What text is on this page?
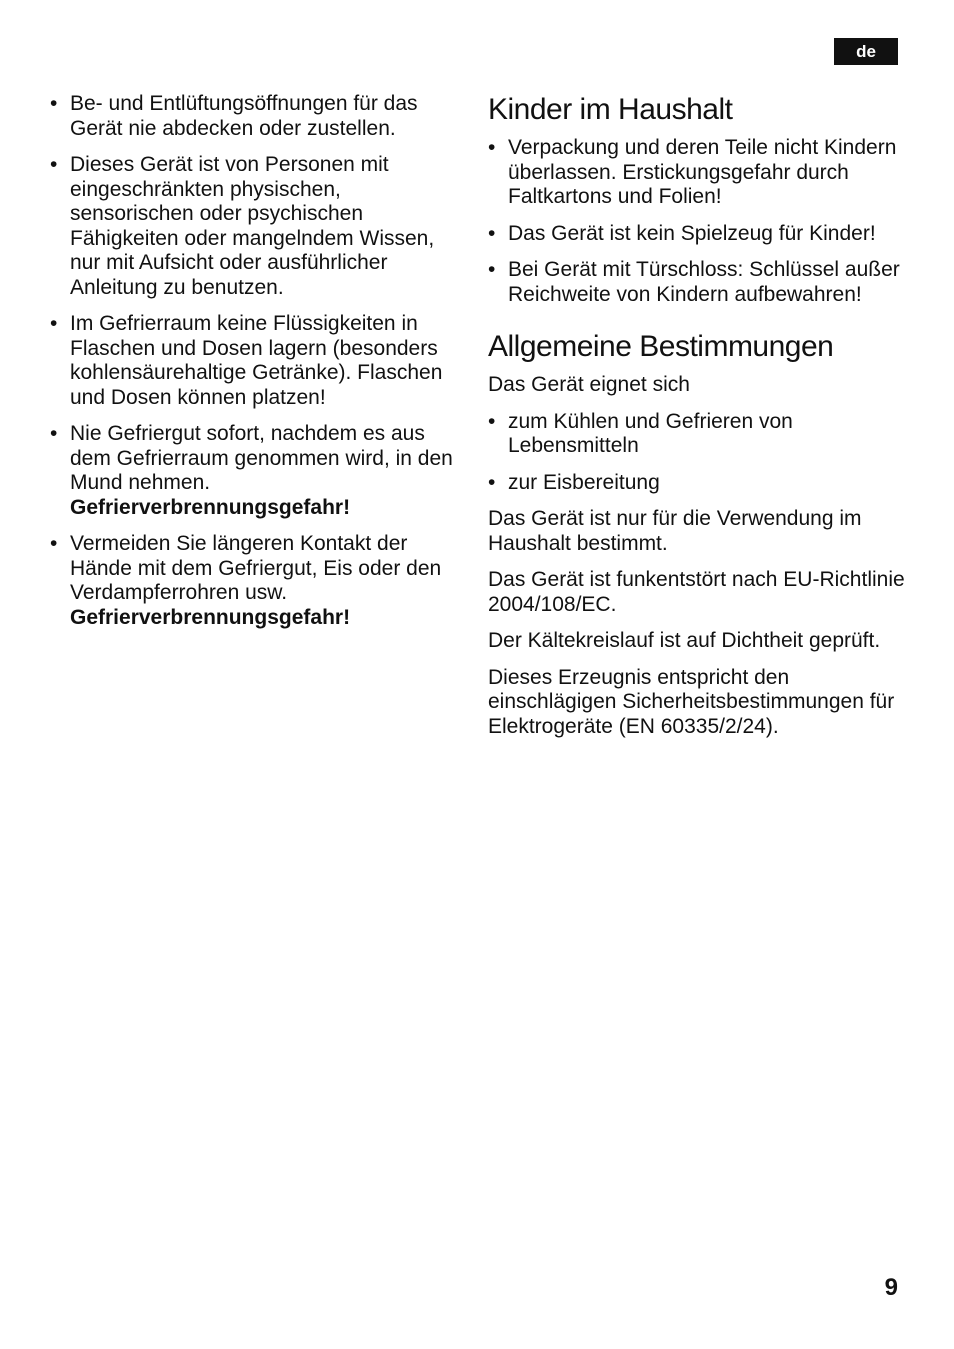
de
• Be- und Entlüftungsöffnungen für das Gerät nie abdecken oder zustellen.
• Dieses Gerät ist von Personen mit eingeschränkten physischen, sensorischen oder psychischen Fähigkeiten oder mangelndem Wissen, nur mit Aufsicht oder ausführlicher Anleitung zu benutzen.
• Im Gefrierraum keine Flüssigkeiten in Flaschen und Dosen lagern (besonders kohlensäurehaltige Getränke). Flaschen und Dosen können platzen!
• Nie Gefriergut sofort, nachdem es aus dem Gefrierraum genommen wird, in den Mund nehmen.
Gefrierverbrennungsgefahr!
• Vermeiden Sie längeren Kontakt der Hände mit dem Gefriergut, Eis oder den Verdampferrohren usw.
Gefrierverbrennungsgefahr!
Kinder im Haushalt
• Verpackung und deren Teile nicht Kindern überlassen. Erstickungsgefahr durch Faltkartons und Folien!
• Das Gerät ist kein Spielzeug für Kinder!
• Bei Gerät mit Türschloss: Schlüssel außer Reichweite von Kindern aufbewahren!
Allgemeine Bestimmungen

Das Gerät eignet sich

• zum Kühlen und Gefrieren von Lebensmitteln
• zur Eisbereitung

Das Gerät ist nur für die Verwendung im Haushalt bestimmt.

Das Gerät ist funkentstört nach EU-Richtlinie 2004/108/EC.

Der Kältekreislauf ist auf Dichtheit geprüft.

Dieses Erzeugnis entspricht den einschlägigen Sicherheitsbestimmungen für Elektrogeräte (EN 60335/2/24).

9
